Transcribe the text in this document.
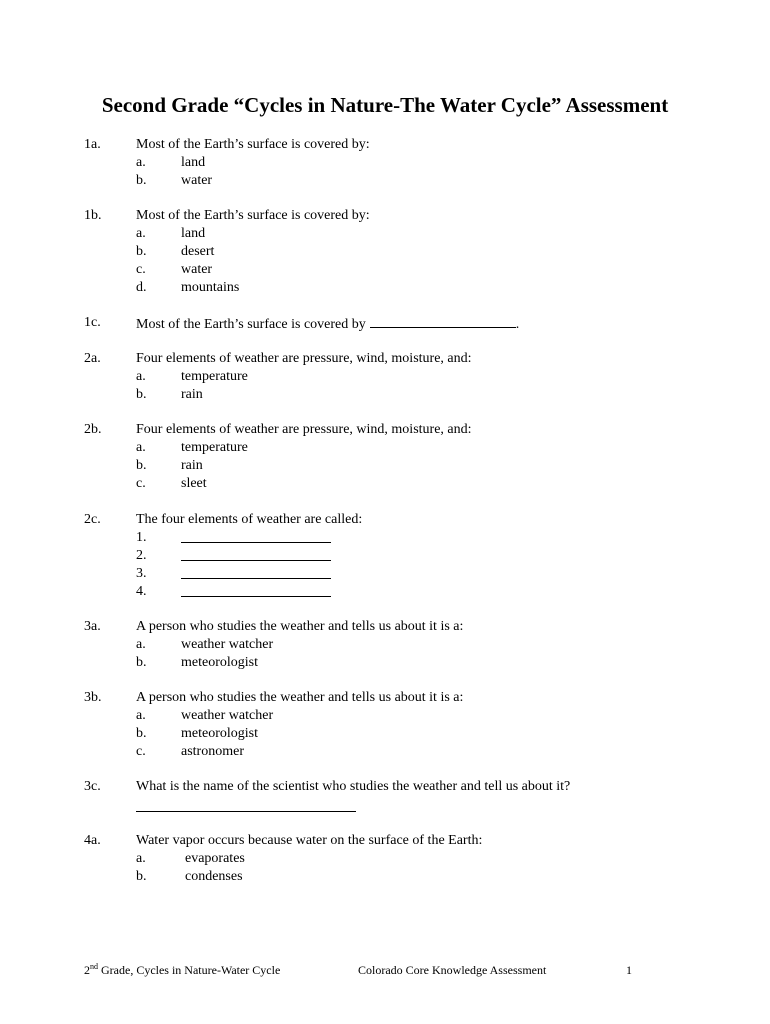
Second Grade “Cycles in Nature-The Water Cycle” Assessment
1a.	Most of the Earth’s surface is covered by:
a.	land
b.	water
1b.	Most of the Earth’s surface is covered by:
a.	land
b.	desert
c.	water
d.	mountains
1c.	Most of the Earth’s surface is covered by	.
2a.	Four elements of weather are pressure, wind, moisture, and:
a.	temperature
b.	rain
2b.	Four elements of weather are pressure, wind, moisture, and:
a.	temperature
b.	rain
c.	sleet
2c.	The four elements of weather are called:
1.
2.
3.
4.
3a.	A person who studies the weather and tells us about it is a:
a.	weather watcher
b.	meteorologist
3b.	A person who studies the weather and tells us about it is a:
a.	weather watcher
b.	meteorologist
c.	astronomer
3c.	What is the name of the scientist who studies the weather and tell us about it?
4a.	Water vapor occurs because water on the surface of the Earth:
a.	evaporates
b.	condenses
2nd Grade, Cycles in Nature-Water Cycle	Colorado Core Knowledge Assessment	1
